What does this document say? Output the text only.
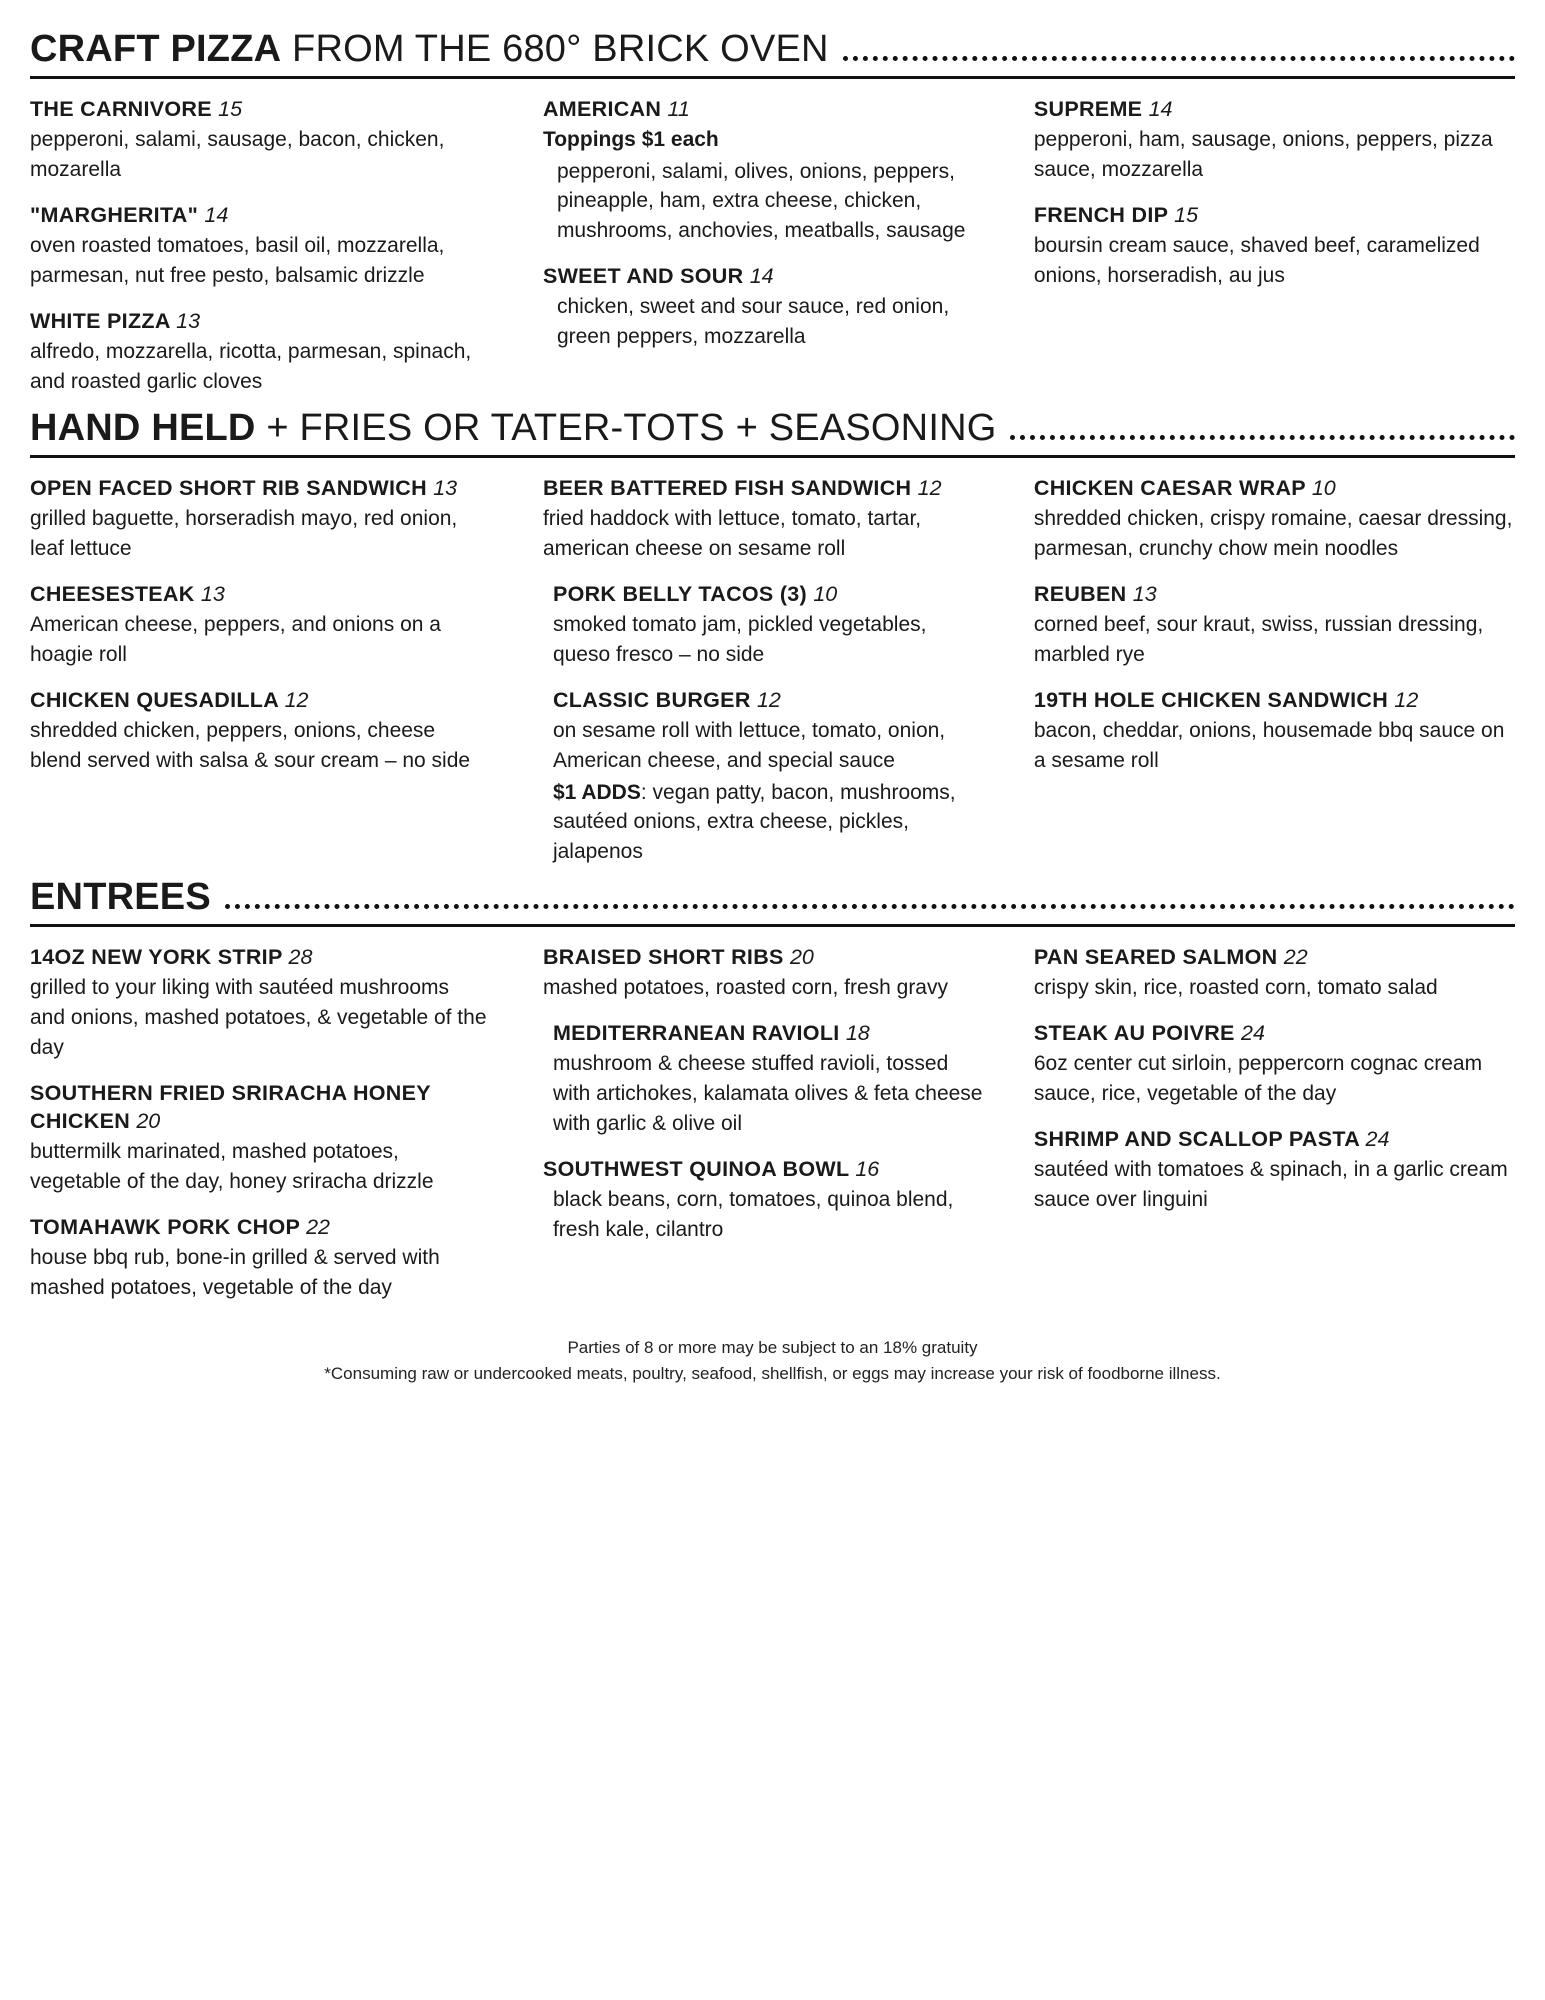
CRAFT PIZZA FROM THE 680° BRICK OVEN
THE CARNIVORE 15
pepperoni, salami, sausage, bacon, chicken, mozarella
"MARGHERITA" 14
oven roasted tomatoes, basil oil, mozzarella, parmesan, nut free pesto, balsamic drizzle
WHITE PIZZA 13
alfredo, mozzarella, ricotta, parmesan, spinach, and roasted garlic cloves
AMERICAN 11
Toppings $1 each
pepperoni, salami, olives, onions, peppers, pineapple, ham, extra cheese, chicken, mushrooms, anchovies, meatballs, sausage
SWEET AND SOUR 14
chicken, sweet and sour sauce, red onion, green peppers, mozzarella
SUPREME 14
pepperoni, ham, sausage, onions, peppers, pizza sauce, mozzarella
FRENCH DIP 15
boursin cream sauce, shaved beef, caramelized onions, horseradish, au jus
HAND HELD + FRIES OR TATER-TOTS + SEASONING
OPEN FACED SHORT RIB SANDWICH 13
grilled baguette, horseradish mayo, red onion, leaf lettuce
CHEESESTEAK 13
American cheese, peppers, and onions on a hoagie roll
CHICKEN QUESADILLA 12
shredded chicken, peppers, onions, cheese blend served with salsa & sour cream – no side
BEER BATTERED FISH SANDWICH 12
fried haddock with lettuce, tomato, tartar, american cheese on sesame roll
PORK BELLY TACOS (3) 10
smoked tomato jam, pickled vegetables, queso fresco – no side
CLASSIC BURGER 12
on sesame roll with lettuce, tomato, onion, American cheese, and special sauce
$1 ADDS: vegan patty, bacon, mushrooms, sautéed onions, extra cheese, pickles, jalapenos
CHICKEN CAESAR WRAP 10
shredded chicken, crispy romaine, caesar dressing, parmesan, crunchy chow mein noodles
REUBEN 13
corned beef, sour kraut, swiss, russian dressing, marbled rye
19TH HOLE CHICKEN SANDWICH 12
bacon, cheddar, onions, housemade bbq sauce on a sesame roll
ENTREES
14OZ NEW YORK STRIP 28
grilled to your liking with sautéed mushrooms and onions, mashed potatoes, & vegetable of the day
SOUTHERN FRIED SRIRACHA HONEY CHICKEN 20
buttermilk marinated, mashed potatoes, vegetable of the day, honey sriracha drizzle
TOMAHAWK PORK CHOP 22
house bbq rub, bone-in grilled & served with mashed potatoes, vegetable of the day
BRAISED SHORT RIBS 20
mashed potatoes, roasted corn, fresh gravy
MEDITERRANEAN RAVIOLI 18
mushroom & cheese stuffed ravioli, tossed with artichokes, kalamata olives & feta cheese with garlic & olive oil
SOUTHWEST QUINOA BOWL 16
black beans, corn, tomatoes, quinoa blend, fresh kale, cilantro
PAN SEARED SALMON 22
crispy skin, rice, roasted corn, tomato salad
STEAK AU POIVRE 24
6oz center cut sirloin, peppercorn cognac cream sauce, rice, vegetable of the day
SHRIMP AND SCALLOP PASTA 24
sautéed with tomatoes & spinach, in a garlic cream sauce over linguini
Parties of 8 or more may be subject to an 18% gratuity
*Consuming raw or undercooked meats, poultry, seafood, shellfish, or eggs may increase your risk of foodborne illness.
